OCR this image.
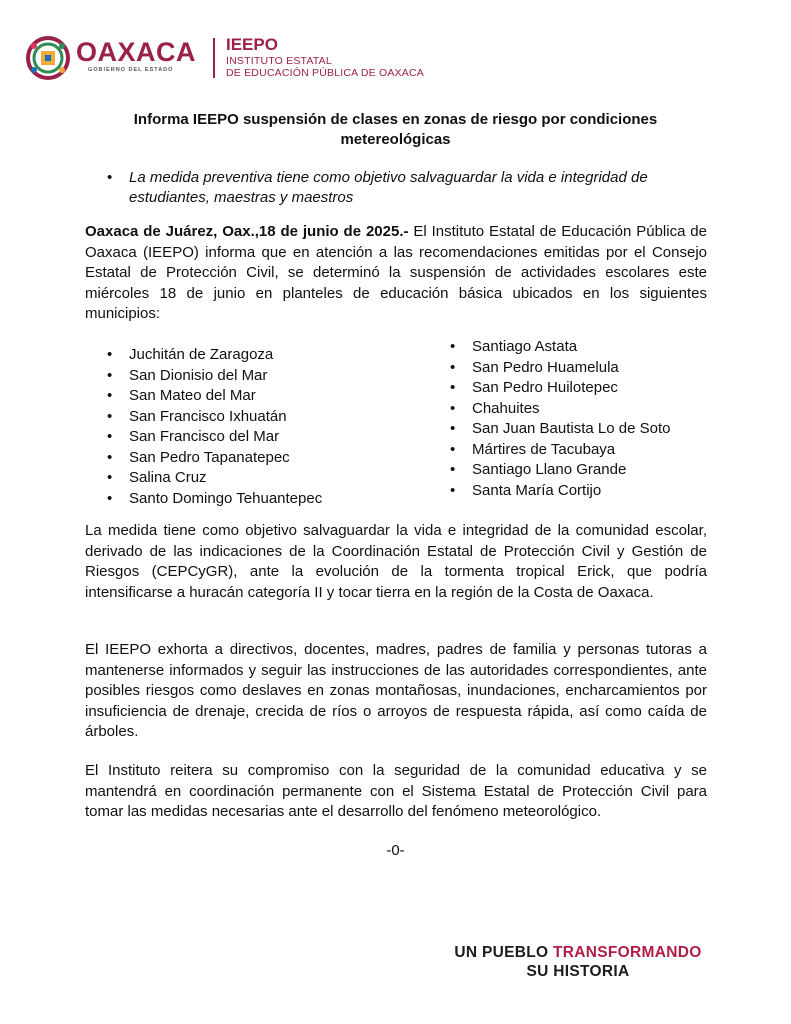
OAXACA
GOBIERNO DEL ESTADO
IEEPO
INSTITUTO ESTATAL
DE EDUCACIÓN PÚBLICA DE OAXACA
Informa IEEPO suspensión de clases en zonas de riesgo por condiciones metereológicas
• La medida preventiva tiene como objetivo salvaguardar la vida e integridad de estudiantes, maestras y maestros
Oaxaca de Juárez, Oax.,18 de junio de 2025.- El Instituto Estatal de Educación Pública de Oaxaca (IEEPO) informa que en atención a las recomendaciones emitidas por el Consejo Estatal de Protección Civil, se determinó la suspensión de actividades escolares este miércoles 18 de junio en planteles de educación básica ubicados en los siguientes municipios:
• Juchitán de Zaragoza
• San Dionisio del Mar
• San Mateo del Mar
• San Francisco Ixhuatán
• San Francisco del Mar
• San Pedro Tapanatepec
• Salina Cruz
• Santo Domingo Tehuantepec
• Santiago Astata
• San Pedro Huamelula
• San Pedro Huilotepec
• Chahuites
• San Juan Bautista Lo de Soto
• Mártires de Tacubaya
• Santiago Llano Grande
• Santa María Cortijo
La medida tiene como objetivo salvaguardar la vida e integridad de la comunidad escolar, derivado de las indicaciones de la Coordinación Estatal de Protección Civil y Gestión de Riesgos (CEPCyGR), ante la evolución de la tormenta tropical Erick, que podría intensificarse a huracán categoría II y tocar tierra en la región de la Costa de Oaxaca.
El IEEPO exhorta a directivos, docentes, madres, padres de familia y personas tutoras a mantenerse informados y seguir las instrucciones de las autoridades correspondientes, ante posibles riesgos como deslaves en zonas montañosas, inundaciones, encharcamientos por insuficiencia de drenaje, crecida de ríos o arroyos de respuesta rápida, así como caída de árboles.
El Instituto reitera su compromiso con la seguridad de la comunidad educativa y se mantendrá en coordinación permanente con el Sistema Estatal de Protección Civil para tomar las medidas necesarias ante el desarrollo del fenómeno meteorológico.
-0-
UN PUEBLO TRANSFORMANDO
SU HISTORIA
